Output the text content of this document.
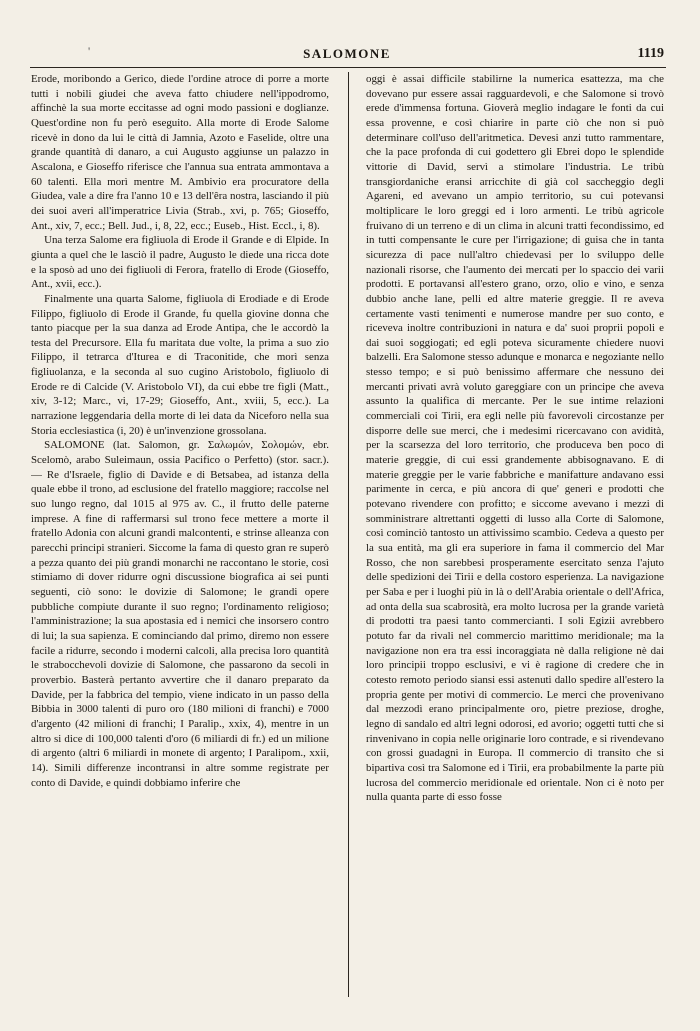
'	SALOMONE	1119

Erode, moribondo a Gerico, diede l'ordine atroce di porre a morte tutti i nobili giudei che aveva fatto chiudere nell'ippodromo, affinchè la sua morte eccitasse ad ogni modo passioni e doglianze. Quest'ordine non fu però eseguito. Alla morte di Erode Salome ricevè in dono da lui le città di Jamnia, Azoto e Faselide, oltre una grande quantità di danaro, a cui Augusto aggiunse un palazzo in Ascalona, e Gioseffo riferisce che l'annua sua entrata ammontava a 60 talenti. Ella morì mentre M. Ambivio era procuratore della Giudea, vale a dire fra l'anno 10 e 13 dell'êra nostra, lasciando il più dei suoi averi all'imperatrice Livia (Strab., xvi, p. 765; Gioseffo, Ant., xiv, 7, ecc.; Bell. Jud., i, 8, 22, ecc.; Euseb., Hist. Eccl., i, 8).

Una terza Salome era figliuola di Erode il Grande e di Elpide. In giunta a quel che le lasciò il padre, Augusto le diede una ricca dote e la sposò ad uno dei figliuoli di Ferora, fratello di Erode (Gioseffo, Ant., xvii, ecc.).

Finalmente una quarta Salome, figliuola di Erodiade e di Erode Filippo, figliuolo di Erode il Grande, fu quella giovine donna che tanto piacque per la sua danza ad Erode Antipa, che le accordò la testa del Precursore. Ella fu maritata due volte, la prima a suo zio Filippo, il tetrarca d'Iturea e di Traconitide, che morì senza figliuolanza, e la seconda al suo cugino Aristobolo, figliuolo di Erode re di Calcide (V. Aristobolo VI), da cui ebbe tre figli (Matt., xiv, 3-12; Marc., vi, 17-29; Gioseffo, Ant., xviii, 5, ecc.). La narrazione leggendaria della morte di lei data da Niceforo nella sua Storia ecclesiastica (i, 20) è un'invenzione grossolana.

SALOMONE (lat. Salomon, gr. Σαλωμών, Σολομών, ebr. Scelomò, arabo Suleimaun, ossia Pacifico o Perfetto) (stor. sacr.). — Re d'Israele, figlio di Davide e di Betsabea, ad istanza della quale ebbe il trono, ad esclusione del fratello maggiore; raccolse nel suo lungo regno, dal 1015 al 975 av. C., il frutto delle paterne imprese. A fine di raffermarsi sul trono fece mettere a morte il fratello Adonia con alcuni grandi malcontenti, e strinse alleanza con parecchi principi stranieri. Siccome la fama di questo gran re superò a pezza quanto dei più grandi monarchi ne raccontano le storie, così stimiamo di dover ridurre ogni discussione biografica ai sei punti seguenti, ciò sono: le dovizie di Salomone; le grandi opere pubbliche compiute durante il suo regno; l'ordinamento religioso; l'amministrazione; la sua apostasia ed i nemici che insorsero contro di lui; la sua sapienza. E cominciando dal primo, diremo non essere facile a ridurre, secondo i moderni calcoli, alla precisa loro quantità le strabocchevoli dovizie di Salomone, che passarono da secoli in proverbio. Basterà pertanto avvertire che il danaro preparato da Davide, per la fabbrica del tempio, viene indicato in un passo della Bibbia in 3000 talenti di puro oro (180 milioni di franchi) e 7000 d'argento (42 milioni di franchi; I Paralip., xxix, 4), mentre in un altro si dice di 100,000 talenti d'oro (6 miliardi di fr.) ed un milione di argento (altri 6 miliardi in monete di argento; I Paralipom., xxii, 14). Simili differenze incontransi in altre somme registrate per conto di Davide, e quindi dobbiamo inferire che

oggi è assai difficile stabilirne la numerica esattezza, ma che dovevano pur essere assai ragguardevoli, e che Salomone si trovò erede d'immensa fortuna. Gioverà meglio indagare le fonti da cui essa provenne, e così chiarire in parte ciò che non si può determinare coll'uso dell'aritmetica. Devesi anzi tutto rammentare, che la pace profonda di cui godettero gli Ebrei dopo le splendide vittorie di David, servì a stimolare l'industria. Le tribù transgiordaniche eransi arricchite di già col saccheggio degli Agareni, ed avevano un ampio territorio, su cui potevansi moltiplicare le loro greggi ed i loro armenti. Le tribù agricole fruivano di un terreno e di un clima in alcuni tratti fecondissimo, ed in tutti compensante le cure per l'irrigazione; di guisa che in tanta sicurezza di pace null'altro chiedevasi per lo sviluppo delle nazionali risorse, che l'aumento dei mercati per lo spaccio dei varii prodotti. E portavansi all'estero grano, orzo, olio e vino, e senza dubbio anche lane, pelli ed altre materie greggie. Il re aveva certamente vasti tenimenti e numerose mandre per suo conto, e riceveva inoltre contribuzioni in natura e da' suoi proprii popoli e dai suoi soggiogati; ed egli poteva sicuramente chiedere nuovi balzelli. Era Salomone stesso adunque e monarca e negoziante nello stesso tempo; e si può benissimo affermare che nessuno dei mercanti privati avrà voluto gareggiare con un principe che aveva assunto la qualifica di mercante. Per le sue intime relazioni commerciali coi Tirii, era egli nelle più favorevoli circostanze per disporre delle sue merci, che i medesimi ricercavano con avidità, per la scarsezza del loro territorio, che produceva ben poco di materie greggie, di cui essi grandemente abbisognavano. E di materie greggie per le varie fabbriche e manifatture andavano essi parimente in cerca, e più ancora di que' generi e prodotti che potevano rivendere con profitto; e siccome avevano i mezzi di somministrare altrettanti oggetti di lusso alla Corte di Salomone, così cominciò tantosto un attivissimo scambio. Cedeva a questo per la sua entità, ma gli era superiore in fama il commercio del Mar Rosso, che non sarebbesi prosperamente esercitato senza l'ajuto delle spedizioni dei Tirii e della costoro esperienza. La navigazione per Saba e per i luoghi più in là o dell'Arabia orientale o dell'Africa, ad onta della sua scabrosità, era molto lucrosa per la grande varietà di prodotti tra paesi tanto commercianti. I soli Egizii avrebbero potuto far da rivali nel commercio marittimo meridionale; ma la navigazione non era tra essi incoraggiata nè dalla religione nè dai loro principii troppo esclusivi, e vi è ragione di credere che in cotesto remoto periodo siansi essi astenuti dallo spedire all'estero la propria gente per motivi di commercio. Le merci che provenivano dal mezzodì erano principalmente oro, pietre preziose, droghe, legno di sandalo ed altri legni odorosi, ed avorio; oggetti tutti che si rinvenivano in copia nelle originarie loro contrade, e si rivendevano con grossi guadagni in Europa. Il commercio di transito che si bipartiva così tra Salomone ed i Tirii, era probabilmente la parte più lucrosa del commercio meridionale ed orientale. Non ci è noto per nulla quanta parte di esso fosse
